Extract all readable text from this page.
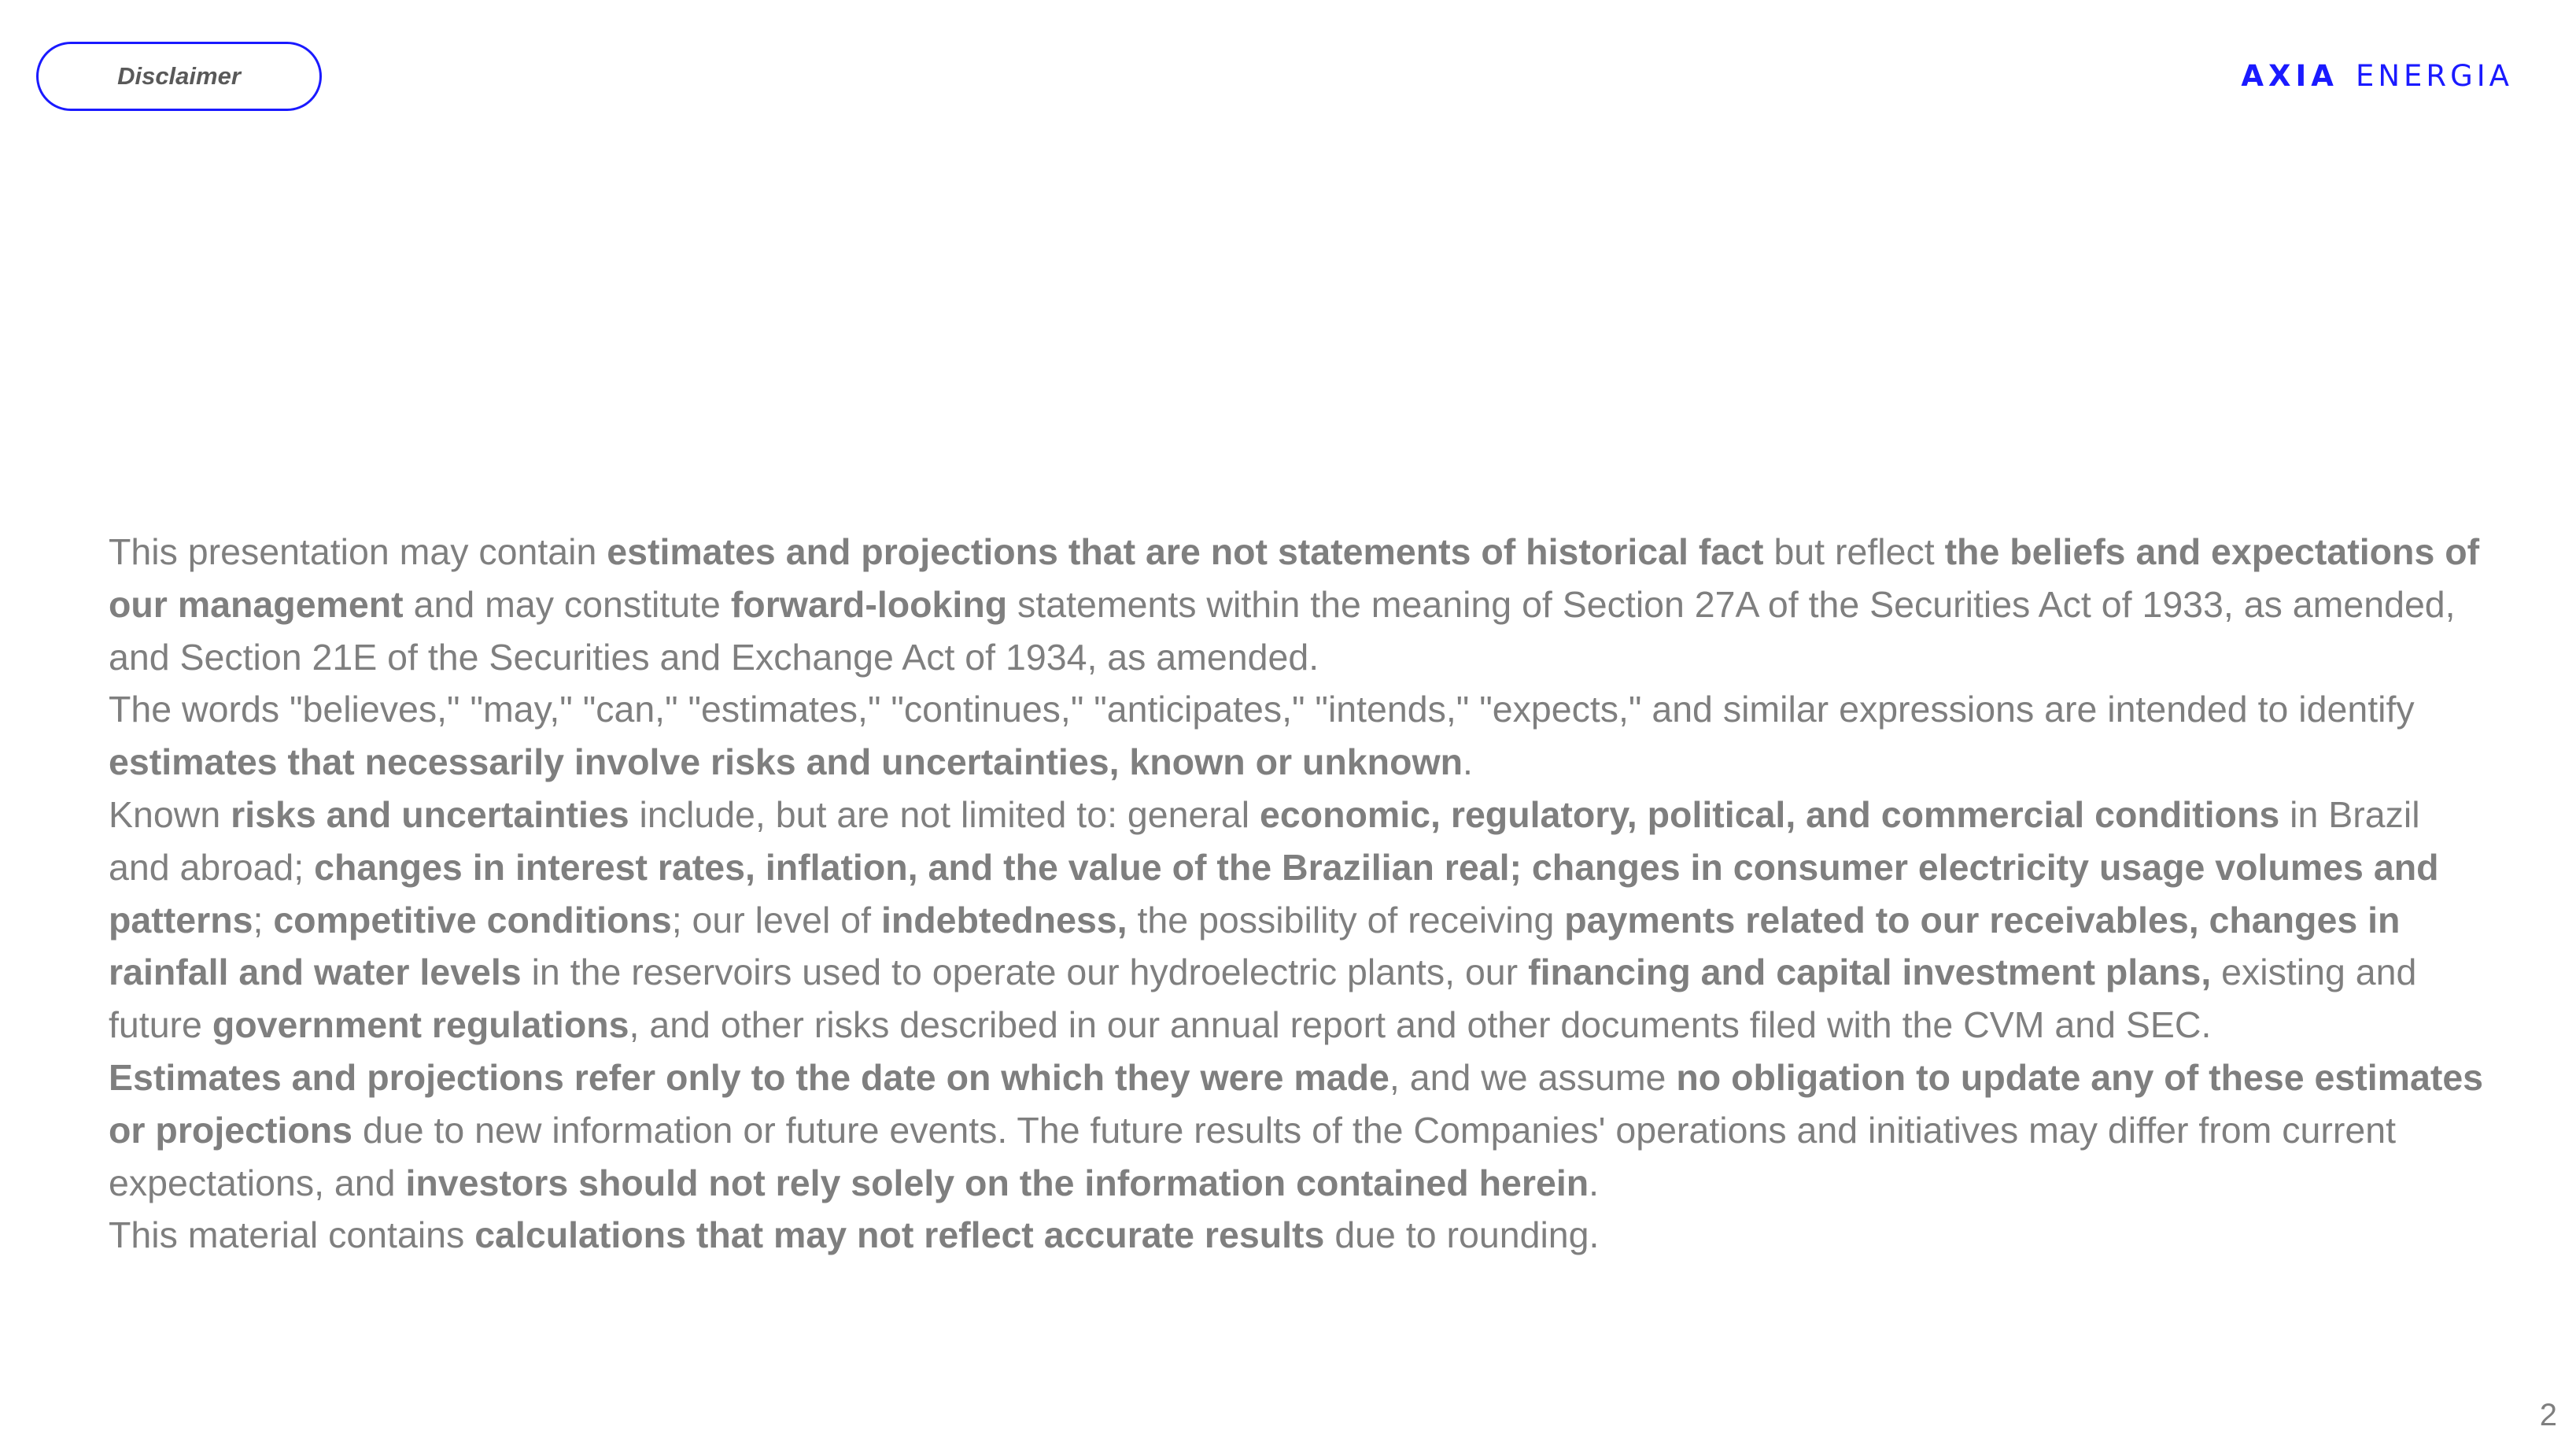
Disclaimer	AXIA ENERGIA

This presentation may contain estimates and projections that are not statements of historical fact but reflect the beliefs and expectations of our management and may constitute forward-looking statements within the meaning of Section 27A of the Securities Act of 1933, as amended, and Section 21E of the Securities and Exchange Act of 1934, as amended.

The words "believes," "may," "can," "estimates," "continues," "anticipates," "intends," "expects," and similar expressions are intended to identify estimates that necessarily involve risks and uncertainties, known or unknown.

Known risks and uncertainties include, but are not limited to: general economic, regulatory, political, and commercial conditions in Brazil and abroad; changes in interest rates, inflation, and the value of the Brazilian real; changes in consumer electricity usage volumes and patterns; competitive conditions; our level of indebtedness, the possibility of receiving payments related to our receivables, changes in rainfall and water levels in the reservoirs used to operate our hydroelectric plants, our financing and capital investment plans, existing and future government regulations, and other risks described in our annual report and other documents filed with the CVM and SEC.

Estimates and projections refer only to the date on which they were made, and we assume no obligation to update any of these estimates or projections due to new information or future events. The future results of the Companies' operations and initiatives may differ from current expectations, and investors should not rely solely on the information contained herein.

This material contains calculations that may not reflect accurate results due to rounding.

2
